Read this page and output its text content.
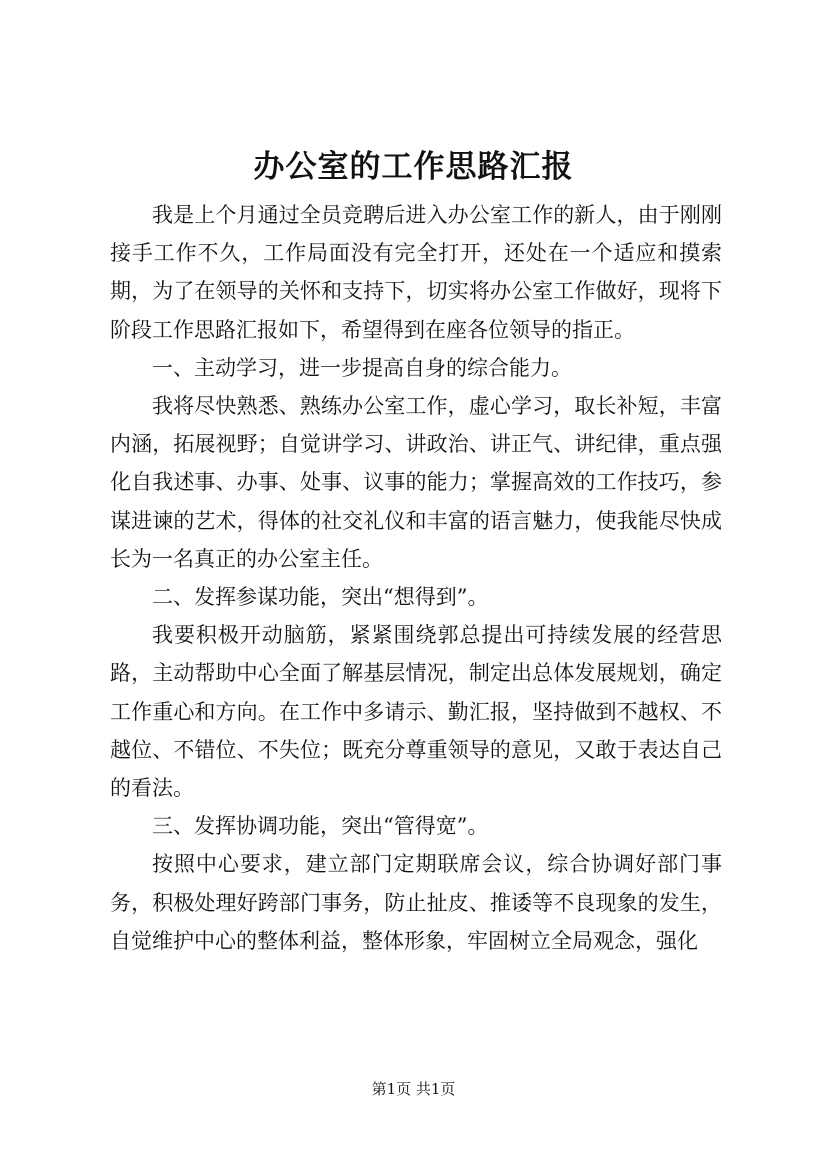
办公室的工作思路汇报

我是上个月通过全员竞聘后进入办公室工作的新人，由于刚刚接手工作不久，工作局面没有完全打开，还处在一个适应和摸索期，为了在领导的关怀和支持下，切实将办公室工作做好，现将下阶段工作思路汇报如下，希望得到在座各位领导的指正。

一、主动学习，进一步提高自身的综合能力。

我将尽快熟悉、熟练办公室工作，虚心学习，取长补短，丰富内涵，拓展视野；自觉讲学习、讲政治、讲正气、讲纪律，重点强化自我述事、办事、处事、议事的能力；掌握高效的工作技巧，参谋进谏的艺术，得体的社交礼仪和丰富的语言魅力，使我能尽快成长为一名真正的办公室主任。

二、发挥参谋功能，突出“想得到”。

我要积极开动脑筋，紧紧围绕郭总提出可持续发展的经营思路，主动帮助中心全面了解基层情况，制定出总体发展规划，确定工作重心和方向。在工作中多请示、勤汇报，坚持做到不越权、不越位、不错位、不失位；既充分尊重领导的意见，又敢于表达自己的看法。

三、发挥协调功能，突出“管得宽”。

按照中心要求，建立部门定期联席会议，综合协调好部门事务，积极处理好跨部门事务，防止扯皮、推诿等不良现象的发生，自觉维护中心的整体利益，整体形象，牢固树立全局观念，强化

第1页 共1页
